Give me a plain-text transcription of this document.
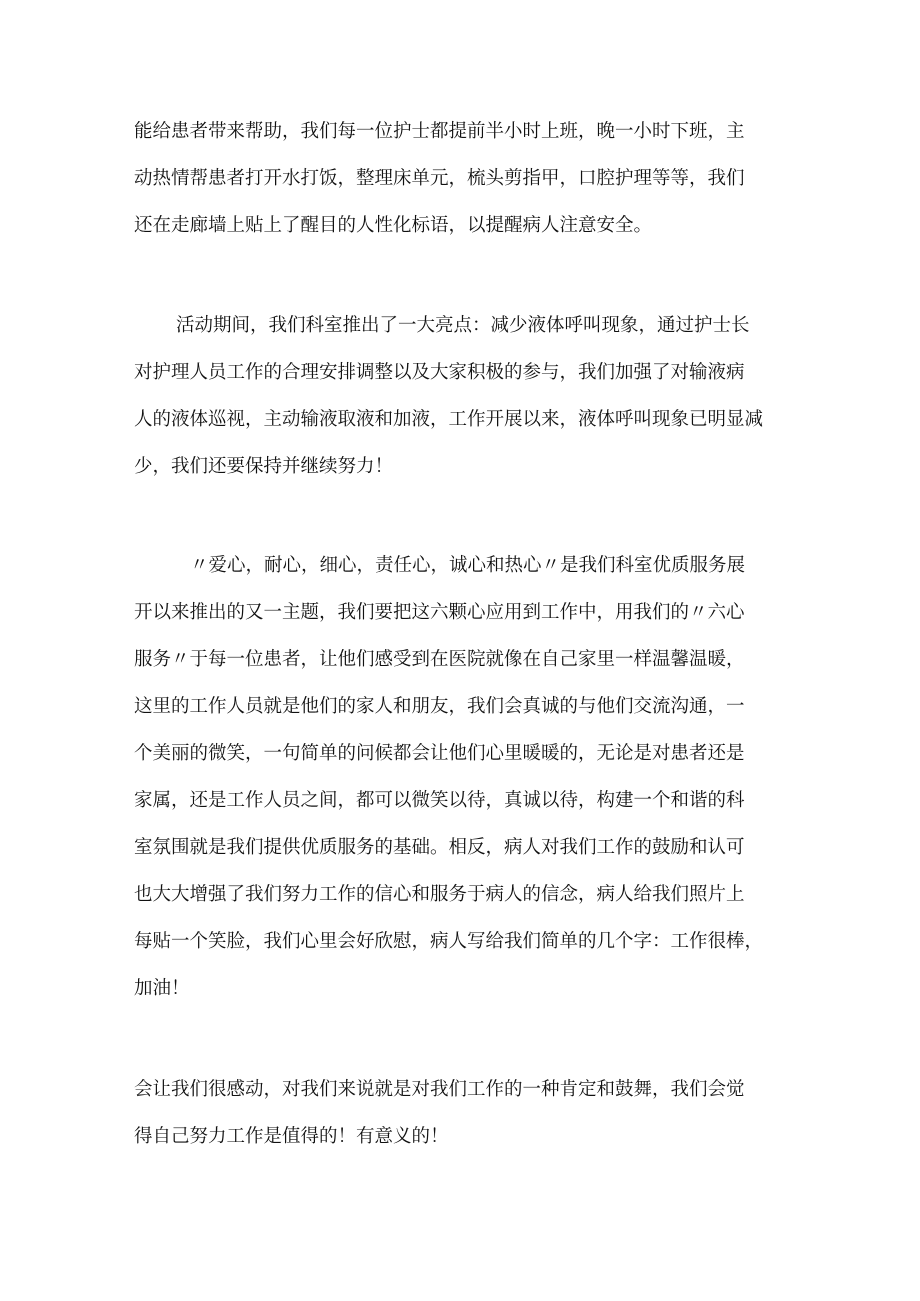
能给患者带来帮助，我们每一位护士都提前半小时上班，晚一小时下班，主
动热情帮患者打开水打饭，整理床单元，梳头剪指甲，口腔护理等等，我们
还在走廊墙上贴上了醒目的人性化标语，以提醒病人注意安全。
活动期间，我们科室推出了一大亮点：减少液体呼叫现象，通过护士长
对护理人员工作的合理安排调整以及大家积极的参与，我们加强了对输液病
人的液体巡视，主动输液取液和加液，工作开展以来，液体呼叫现象已明显减
少，我们还要保持并继续努力！
〃爱心，耐心，细心，责任心，诚心和热心〃是我们科室优质服务展
开以来推出的又一主题，我们要把这六颗心应用到工作中，用我们的〃六心
服务〃于每一位患者，让他们感受到在医院就像在自己家里一样温馨温暖，
这里的工作人员就是他们的家人和朋友，我们会真诚的与他们交流沟通，一
个美丽的微笑，一句简单的问候都会让他们心里暖暖的，无论是对患者还是
家属，还是工作人员之间，都可以微笑以待，真诚以待，构建一个和谐的科
室氛围就是我们提供优质服务的基础。相反，病人对我们工作的鼓励和认可
也大大增强了我们努力工作的信心和服务于病人的信念，病人给我们照片上
每贴一个笑脸，我们心里会好欣慰，病人写给我们简单的几个字：工作很棒，
加油！
会让我们很感动，对我们来说就是对我们工作的一种肯定和鼓舞，我们会觉
得自己努力工作是值得的！有意义的！
